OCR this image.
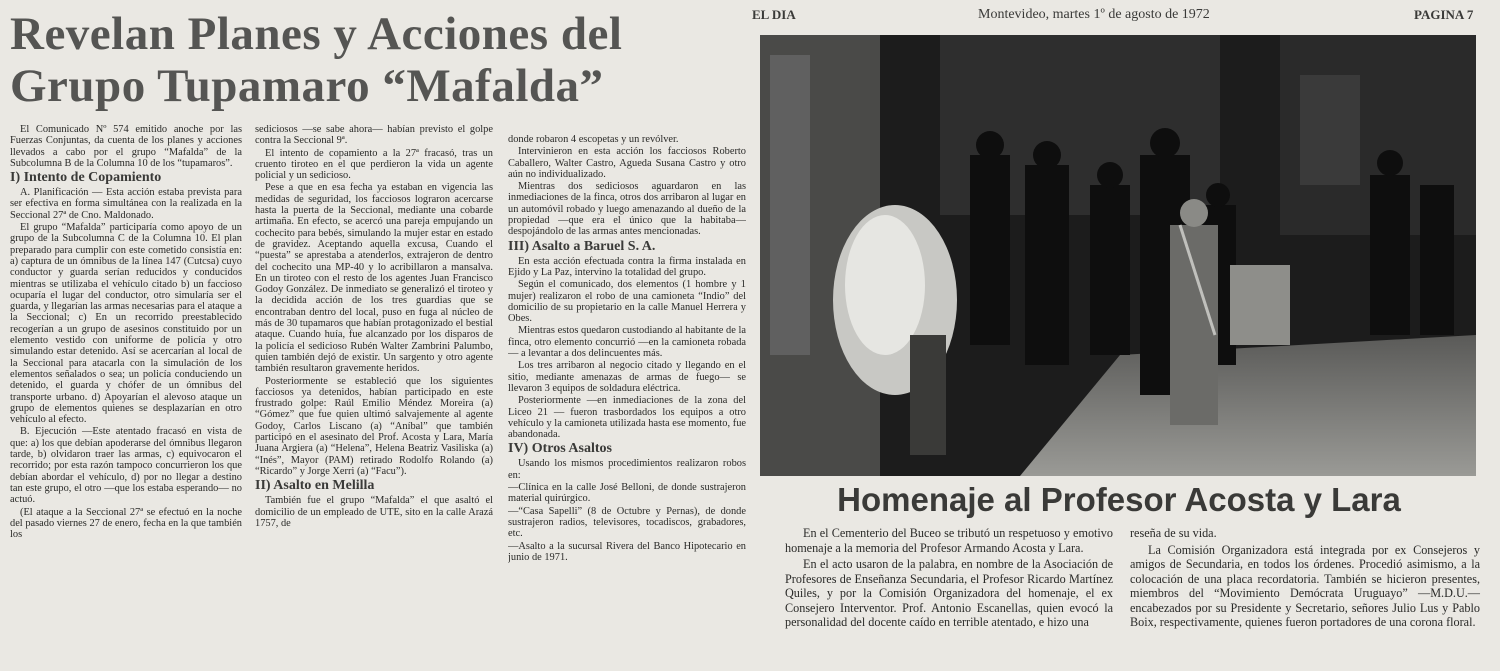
Revelan Planes y Acciones del Grupo Tupamaro “Mafalda”
EL DIA	Montevideo, martes 1º de agosto de 1972	PAGINA 7

El Comunicado Nº 574 emitido anoche por las Fuerzas Conjuntas, da cuenta de los planes y acciones llevados a cabo por el grupo “Mafalda” de la Subcolumna B de la Columna 10 de los “tupamaros”.

I) Intento de Copamiento

A. Planificación — Esta acción estaba prevista para ser efectiva en forma simultánea con la realizada en la Seccional 27ª de Cno. Maldonado.

El grupo “Mafalda” participaría como apoyo de un grupo de la Subcolumna C de la Columna 10. El plan preparado para cumplir con este cometido consistía en: a) captura de un ómnibus de la línea 147 (Cutcsa) cuyo conductor y guarda serían reducidos y conducidos mientras se utilizaba el vehículo citado b) un faccioso ocuparía el lugar del conductor, otro simularía ser el guarda, y llegarían las armas necesarias para el ataque a la Seccional; c) En un recorrido preestablecido recogerían a un grupo de asesinos constituido por un elemento vestido con uniforme de policía y otro simulando estar detenido. Así se acercarían al local de la Seccional para atacarla con la simulación de los elementos señalados o sea; un policía conduciendo un detenido, el guarda y chófer de un ómnibus del transporte urbano. d) Apoyarían el alevoso ataque un grupo de elementos quienes se desplazarían en otro vehículo al efecto.

B. Ejecución —Este atentado fracasó en vista de que: a) los que debían apoderarse del ómnibus llegaron tarde, b) olvidaron traer las armas, c) equivocaron el recorrido; por esta razón tampoco concurrieron los que debían abordar el vehículo, d) por no llegar a destino tan este grupo, el otro —que los estaba esperando— no actuó.

(El ataque a la Seccional 27ª se efectuó en la noche del pasado viernes 27 de enero, fecha en la que también los

sediciosos —se sabe ahora— habían previsto el golpe contra la Seccional 9ª.

El intento de copamiento a la 27ª fracasó, tras un cruento tiroteo en el que perdieron la vida un agente policial y un sedicioso.

Pese a que en esa fecha ya estaban en vigencia las medidas de seguridad, los facciosos lograron acercarse hasta la puerta de la Seccional, mediante una cobarde artimaña. En efecto, se acercó una pareja empujando un cochecito para bebés, simulando la mujer estar en estado de gravidez. Aceptando aquella excusa, Cuando el “puesta” se aprestaba a atenderlos, extrajeron de dentro del cochecito una MP-40 y lo acribillaron a mansalva. En un tiroteo con el resto de los agentes Juan Francisco Godoy González. De inmediato se generalizó el tiroteo y la decidida acción de los tres guardias que se encontraban dentro del local, puso en fuga al núcleo de más de 30 tupamaros que habían protagonizado el bestial ataque. Cuando huía, fue alcanzado por los disparos de la policía el sedicioso Rubén Walter Zambrini Palumbo, quien también dejó de existir. Un sargento y otro agente también resultaron gravemente heridos.

Posteriormente se estableció que los siguientes facciosos ya detenidos, habían participado en este frustrado golpe: Raúl Emilio Méndez Moreira (a) “Gómez” que fue quien ultimó salvajemente al agente Godoy, Carlos Liscano (a) “Aníbal” que también participó en el asesinato del Prof. Acosta y Lara, María Juana Argiera (a) “Helena”, Helena Beatriz Vasiliska (a) “Inés”, Mayor (PAM) retirado Rodolfo Rolando (a) “Ricardo” y Jorge Xerri (a) “Facu”).

II) Asalto en Melilla

También fue el grupo “Mafalda” el que asaltó el domicilio de un empleado de UTE, sito en la calle Arazá 1757, de

donde robaron 4 escopetas y un revólver.

Intervinieron en esta acción los facciosos Roberto Caballero, Walter Castro, Agueda Susana Castro y otro aún no individualizado.

Mientras dos sediciosos aguardaron en las inmediaciones de la finca, otros dos arribaron al lugar en un automóvil robado y luego amenazando al dueño de la propiedad —que era el único que la habitaba— despojándolo de las armas antes mencionadas.

III) Asalto a Baruel S. A.

En esta acción efectuada contra la firma instalada en Ejido y La Paz, intervino la totalidad del grupo.

Según el comunicado, dos elementos (1 hombre y 1 mujer) realizaron el robo de una camioneta “Indio” del domicilio de su propietario en la calle Manuel Herrera y Obes.

Mientras estos quedaron custodiando al habitante de la finca, otro elemento concurrió —en la camioneta robada— a levantar a dos delincuentes más.

Los tres arribaron al negocio citado y llegando en el sitio, mediante amenazas de armas de fuego— se llevaron 3 equipos de soldadura eléctrica.

Posteriormente —en inmediaciones de la zona del Liceo 21 — fueron trasbordados los equipos a otro vehículo y la camioneta utilizada hasta ese momento, fue abandonada.

IV) Otros Asaltos

Usando los mismos procedimientos realizaron robos en:

—Clínica en la calle José Belloni, de donde sustrajeron material quirúrgico.

—“Casa Sapelli” (8 de Octubre y Pernas), de donde sustrajeron radios, televisores, tocadiscos, grabadores, etc.

—Asalto a la sucursal Rivera del Banco Hipotecario en junio de 1971.

Homenaje al Profesor Acosta y Lara

En el Cementerio del Buceo se tributó un respetuoso y emotivo homenaje a la memoria del Profesor Armando Acosta y Lara.

En el acto usaron de la palabra, en nombre de la Asociación de Profesores de Enseñanza Secundaria, el Profesor Ricardo Martínez Quiles, y por la Comisión Organizadora del homenaje, el ex Consejero Interventor. Prof. Antonio Escanellas, quien evocó la personalidad del docente caído en terrible atentado, e hizo una

reseña de su vida.

La Comisión Organizadora está integrada por ex Consejeros y amigos de Secundaria, en todos los órdenes. Procedió asimismo, a la colocación de una placa recordatoria. También se hicieron presentes, miembros del “Movimiento Demócrata Uruguayo” —M.D.U.— encabezados por su Presidente y Secretario, señores Julio Lus y Pablo Boix, respectivamente, quienes fueron portadores de una corona floral.
